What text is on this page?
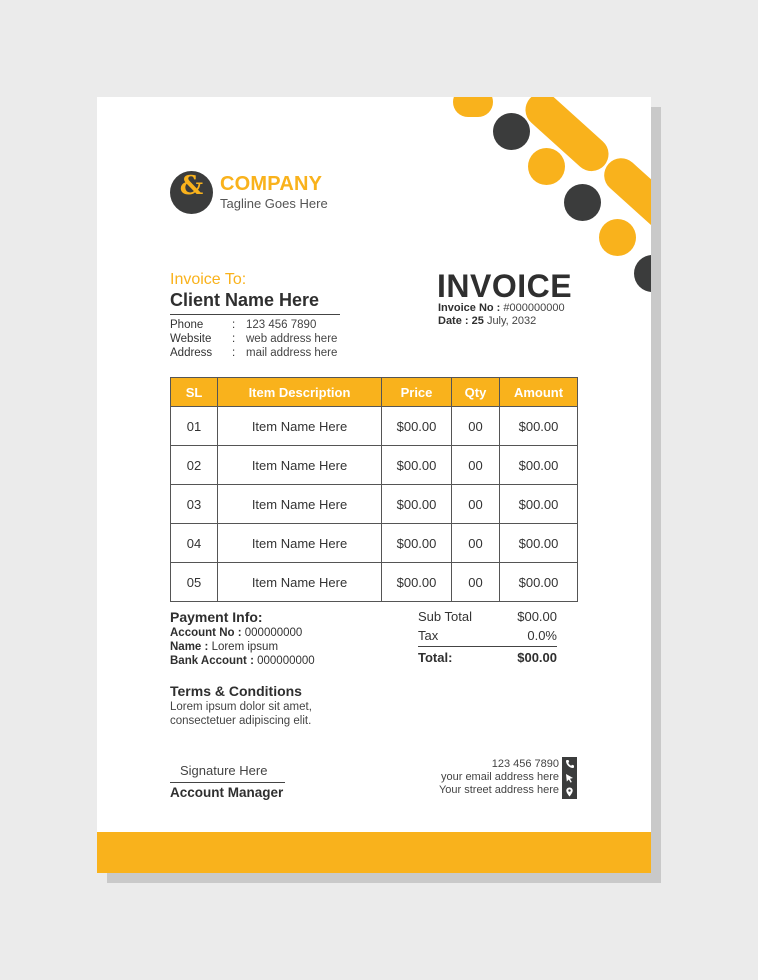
& COMPANY
Tagline Goes Here
Invoice To:
Client Name Here
Phone	: 123 456 7890
Website	: web address here
Address	: mail address here
INVOICE
Invoice No : #000000000
Date : 25 July, 2032
SL	Item Description	Price	Qty	Amount
01	Item Name Here	$00.00	00	$00.00
02	Item Name Here	$00.00	00	$00.00
03	Item Name Here	$00.00	00	$00.00
04	Item Name Here	$00.00	00	$00.00
05	Item Name Here	$00.00	00	$00.00
Payment Info:
Account No : 000000000
Name : Lorem ipsum
Bank Account : 000000000
Sub Total	$00.00
Tax	0.0%
Total:	$00.00
Terms & Conditions
Lorem ipsum dolor sit amet, consectetuer adipiscing elit.
Signature Here
Account Manager
123 456 7890
your email address here
Your street address here
